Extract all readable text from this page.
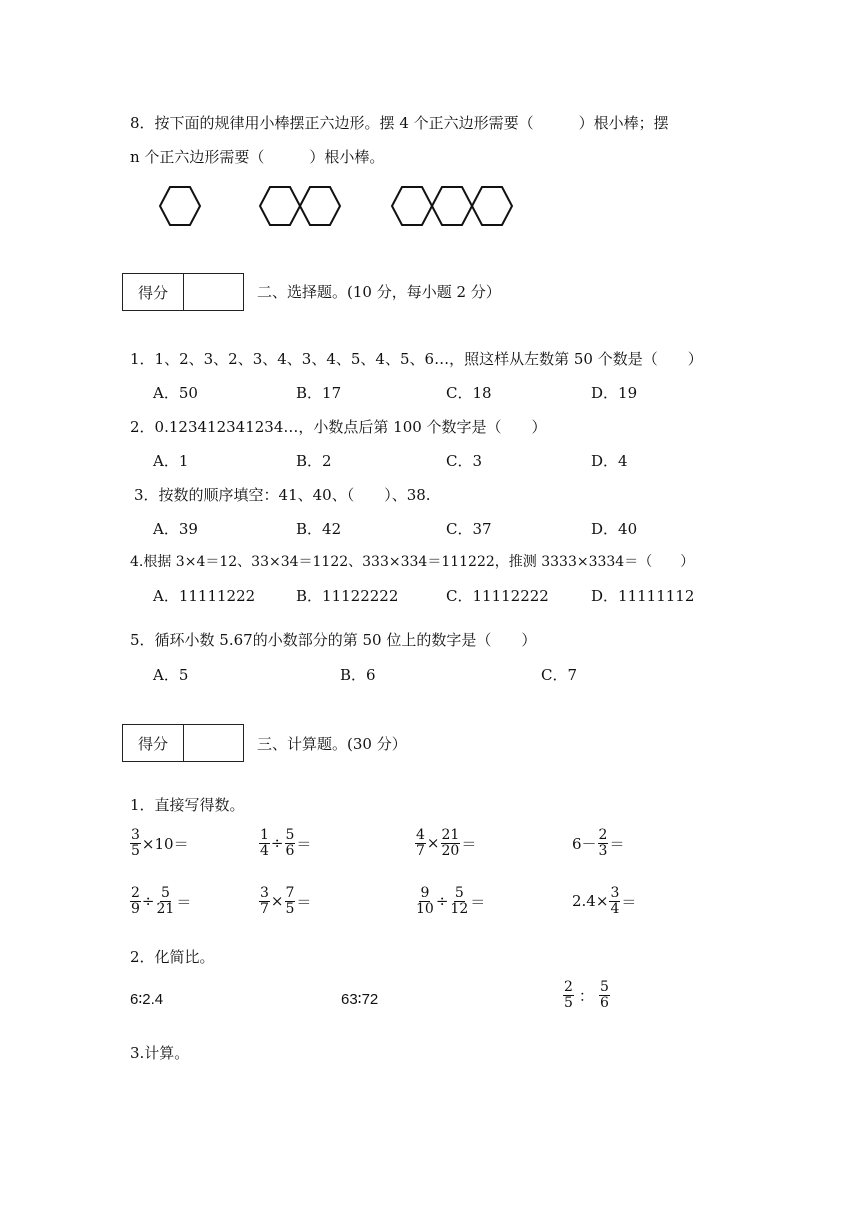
8．按下面的规律用小棒摆正六边形。摆 4 个正六边形需要（　　　）根小棒；摆
n 个正六边形需要（　　　）根小棒。
得分	二、选择题。(10 分，每小题 2 分）
1．1、2、3、2、3、4、3、4、5、4、5、6…，照这样从左数第 50 个数是（　　）
A．50	B．17	C．18	D．19
2．0.123412341234…，小数点后第 100 个数字是（　　）
A．1	B．2	C．3	D．4
3．按数的顺序填空：41、40、（　　）、38.
A．39	B．42	C．37	D．40
4.根据 3×4＝12、33×34＝1122、333×334＝111222，推测 3333×3334＝（　　）
A．11111222	B．11122222	C．11112222	D．11111112
5．循环小数 5.67的小数部分的第 50 位上的数字是（　　）
A．5	B．6	C．7
得分	三、计算题。(30 分）
1．直接写得数。
$\frac{3}{5} \times 10=$	$\frac{1}{4} \div \frac{5}{6}$ ＝	$\frac{4}{7} \times \frac{21}{20}$ ＝	$6- \frac{2}{3}$ ＝
$\frac{2}{9} \div \frac{5}{21}$ ＝	$\frac{3}{7} \times \frac{7}{5}$ ＝	$\frac{9}{10} \div \frac{5}{12}$ ＝	$2.4\times \frac{3}{4}$ ＝
2．化简比。
6∶2.4	63∶72	$\frac{2}{5}$ ： $\frac{5}{6}$
3.计算。
